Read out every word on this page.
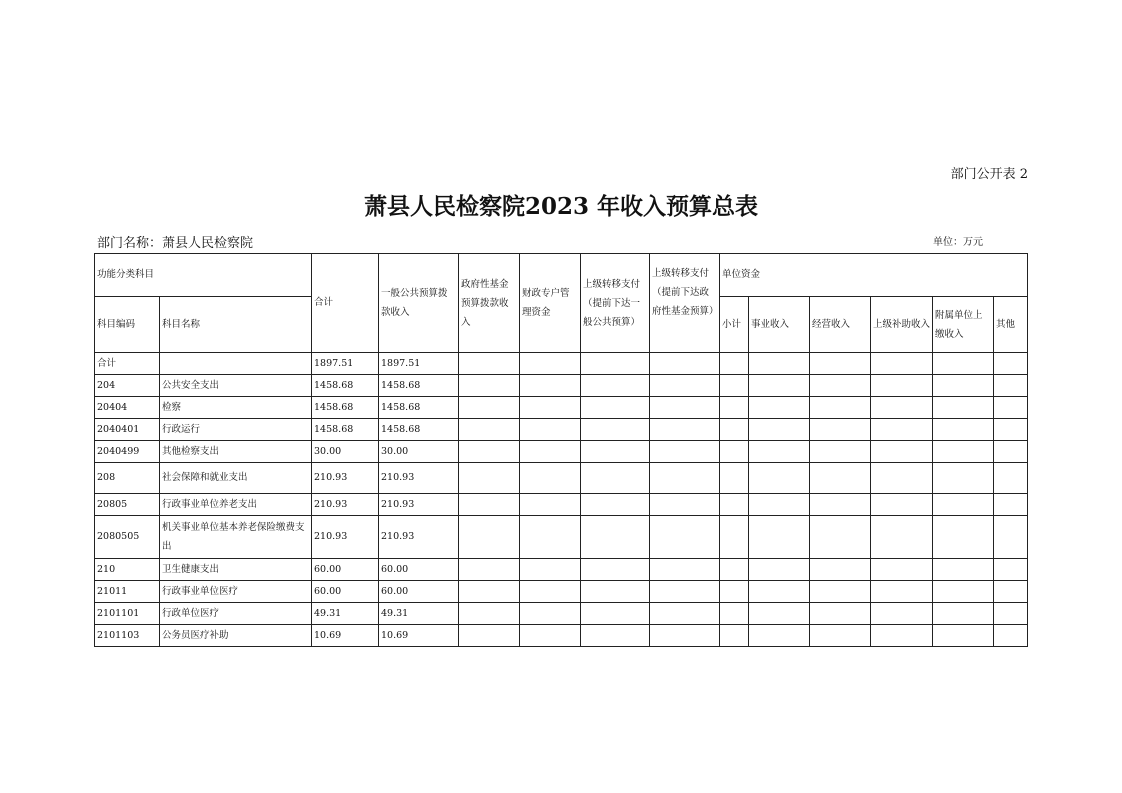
部门公开表 2
萧县人民检察院2023 年收入预算总表
部门名称：萧县人民检察院	单位：万元
功能分类科目		合计	一般公共预算拨款收入	政府性基金预算拨款收入	财政专户管理资金	上级转移支付（提前下达一般公共预算）	上级转移支付（提前下达政府性基金预算）	单位资金					
科目编码	科目名称							小计	事业收入	经营收入	上级补助收入	附属单位上缴收入	其他
合计		1897.51	1897.51										
204	公共安全支出	1458.68	1458.68										
20404	检察	1458.68	1458.68										
2040401	行政运行	1458.68	1458.68										
2040499	其他检察支出	30.00	30.00										
208	社会保障和就业支出	210.93	210.93										
20805	行政事业单位养老支出	210.93	210.93										
2080505	机关事业单位基本养老保险缴费支出	210.93	210.93										
210	卫生健康支出	60.00	60.00										
21011	行政事业单位医疗	60.00	60.00										
2101101	行政单位医疗	49.31	49.31										
2101103	公务员医疗补助	10.69	10.69										
